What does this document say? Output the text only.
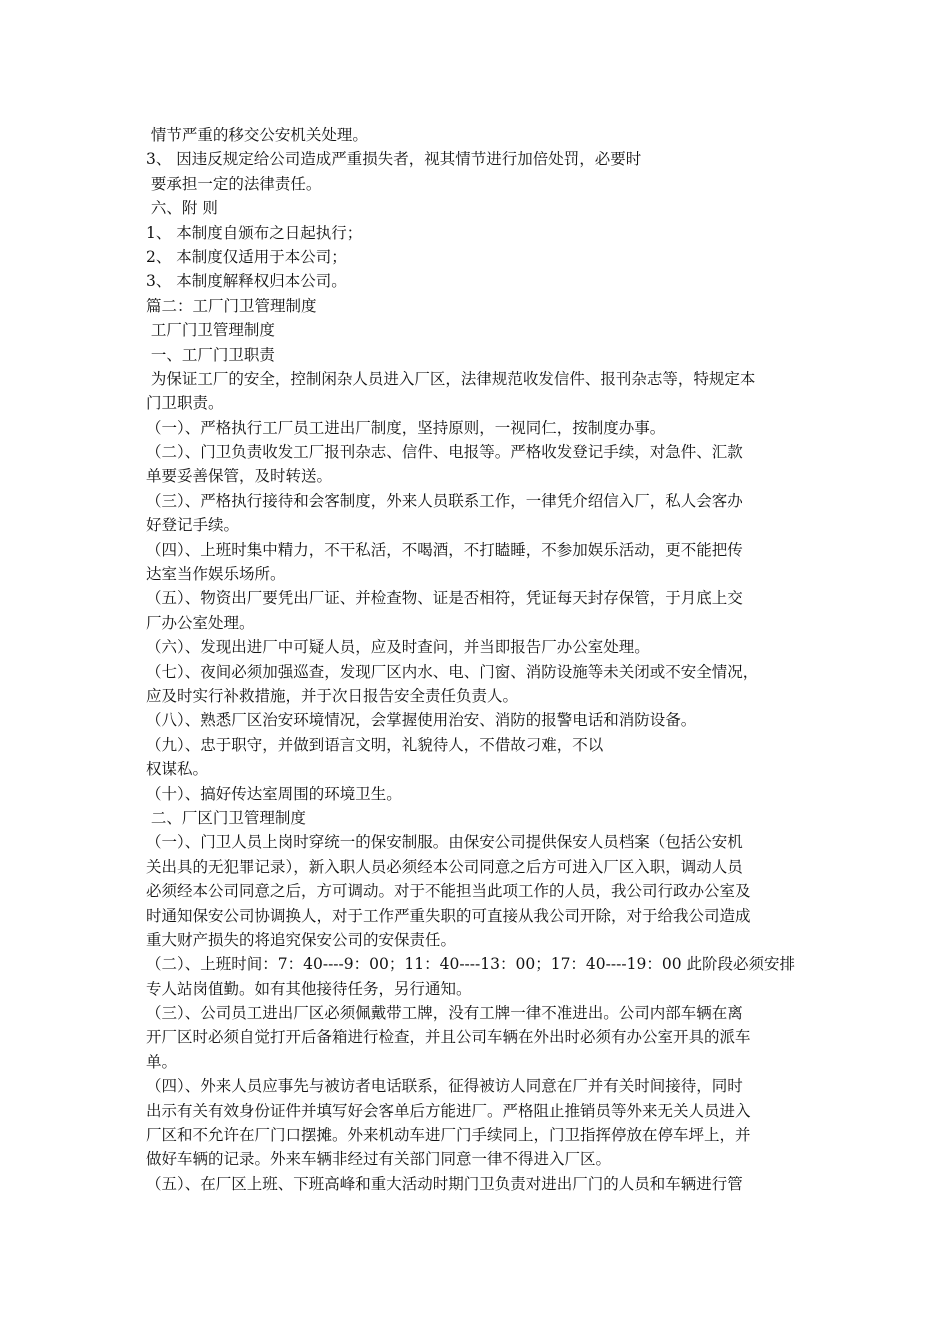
情节严重的移交公安机关处理。

3、 因违反规定给公司造成严重损失者，视其情节进行加倍处罚，必要时

要承担一定的法律责任。

六、附 则

1、 本制度自颁布之日起执行；

2、 本制度仅适用于本公司；

3、 本制度解释权归本公司。

篇二：工厂门卫管理制度

工厂门卫管理制度

一、工厂门卫职责

为保证工厂的安全，控制闲杂人员进入厂区，法律规范收发信件、报刊杂志等，特规定本

门卫职责。

（一）、严格执行工厂员工进出厂制度，坚持原则，一视同仁，按制度办事。

（二）、门卫负责收发工厂报刊杂志、信件、电报等。严格收发登记手续，对急件、汇款

单要妥善保管，及时转送。

（三）、严格执行接待和会客制度，外来人员联系工作，一律凭介绍信入厂，私人会客办

好登记手续。

（四）、上班时集中精力，不干私活，不喝酒，不打瞌睡，不参加娱乐活动，更不能把传

达室当作娱乐场所。

（五）、物资出厂要凭出厂证、并检查物、证是否相符，凭证每天封存保管，于月底上交

厂办公室处理。

（六）、发现出进厂中可疑人员，应及时查问，并当即报告厂办公室处理。

（七）、夜间必须加强巡查，发现厂区内水、电、门窗、消防设施等未关闭或不安全情况，

应及时实行补救措施，并于次日报告安全责任负责人。

（八）、熟悉厂区治安环境情况，会掌握使用治安、消防的报警电话和消防设备。

（九）、忠于职守，并做到语言文明，礼貌待人，不借故刁难，不以

权谋私。

（十）、搞好传达室周围的环境卫生。

二、厂区门卫管理制度

（一）、门卫人员上岗时穿统一的保安制服。由保安公司提供保安人员档案（包括公安机

关出具的无犯罪记录），新入职人员必须经本公司同意之后方可进入厂区入职，调动人员

必须经本公司同意之后，方可调动。对于不能担当此项工作的人员，我公司行政办公室及

时通知保安公司协调换人，对于工作严重失职的可直接从我公司开除，对于给我公司造成

重大财产损失的将追究保安公司的安保责任。

（二）、上班时间：7：40----9：00；11：40----13：00；17：40----19：00 此阶段必须安排

专人站岗值勤。如有其他接待任务，另行通知。

（三）、公司员工进出厂区必须佩戴带工牌，没有工牌一律不准进出。公司内部车辆在离

开厂区时必须自觉打开后备箱进行检查，并且公司车辆在外出时必须有办公室开具的派车

单。

（四）、外来人员应事先与被访者电话联系，征得被访人同意在厂并有关时间接待，同时

出示有关有效身份证件并填写好会客单后方能进厂。严格阻止推销员等外来无关人员进入

厂区和不允许在厂门口摆摊。外来机动车进厂门手续同上，门卫指挥停放在停车坪上，并

做好车辆的记录。外来车辆非经过有关部门同意一律不得进入厂区。

（五）、在厂区上班、下班高峰和重大活动时期门卫负责对进出厂门的人员和车辆进行管
